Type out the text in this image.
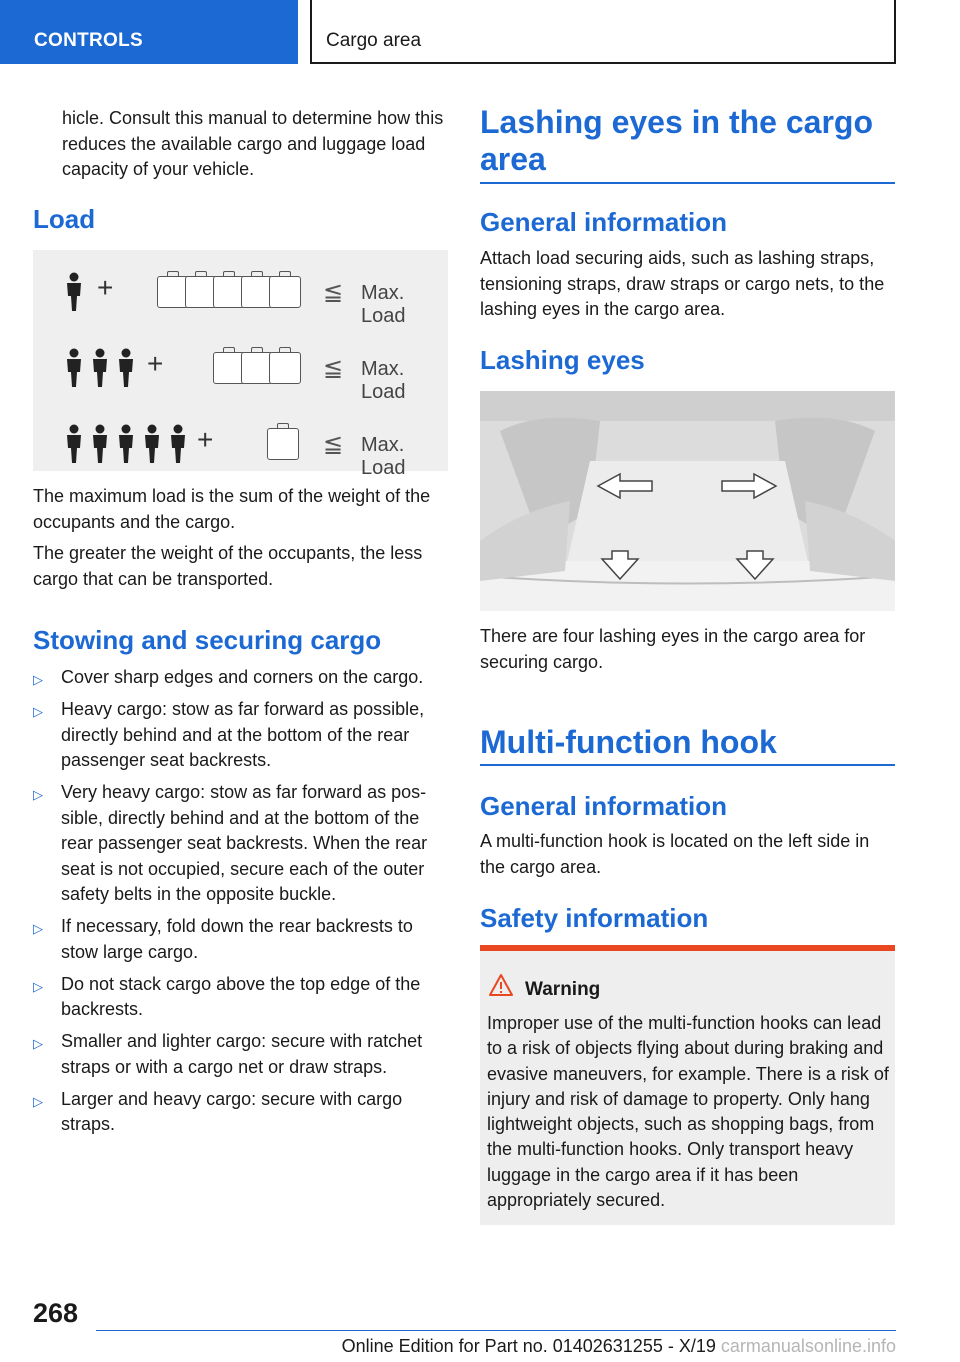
CONTROLS	Cargo area

hicle. Consult this manual to determine how this reduces the available cargo and luggage load capacity of your vehicle.

Load
+	≦ Max. Load
+	≦ Max. Load
+	≦ Max. Load

The maximum load is the sum of the weight of the occupants and the cargo.

The greater the weight of the occupants, the less cargo that can be transported.

Stowing and securing cargo
▷ Cover sharp edges and corners on the cargo.
▷ Heavy cargo: stow as far forward as possible, directly behind and at the bottom of the rear passenger seat backrests.
▷ Very heavy cargo: stow as far forward as pos‐ sible, directly behind and at the bottom of the rear passenger seat backrests. When the rear seat is not occupied, secure each of the outer safety belts in the opposite buckle.
▷ If necessary, fold down the rear backrests to stow large cargo.
▷ Do not stack cargo above the top edge of the backrests.
▷ Smaller and lighter cargo: secure with ratchet straps or with a cargo net or draw straps.
▷ Larger and heavy cargo: secure with cargo straps.
Lashing eyes in the cargo area
General information

Attach load securing aids, such as lashing straps, tensioning straps, draw straps or cargo nets, to the lashing eyes in the cargo area.

Lashing eyes

There are four lashing eyes in the cargo area for securing cargo.

Multi-function hook
General information

A multi-function hook is located on the left side in the cargo area.

Safety information
Warning
Improper use of the multi-function hooks can lead to a risk of objects flying about during braking and evasive maneuvers, for example. There is a risk of injury and risk of damage to property. Only hang lightweight objects, such as shopping bags, from the multi-function hooks. Only transport heavy luggage in the cargo area if it has been appropriately secured.
268
Online Edition for Part no. 01402631255 - X/19 carmanualsonline.info
